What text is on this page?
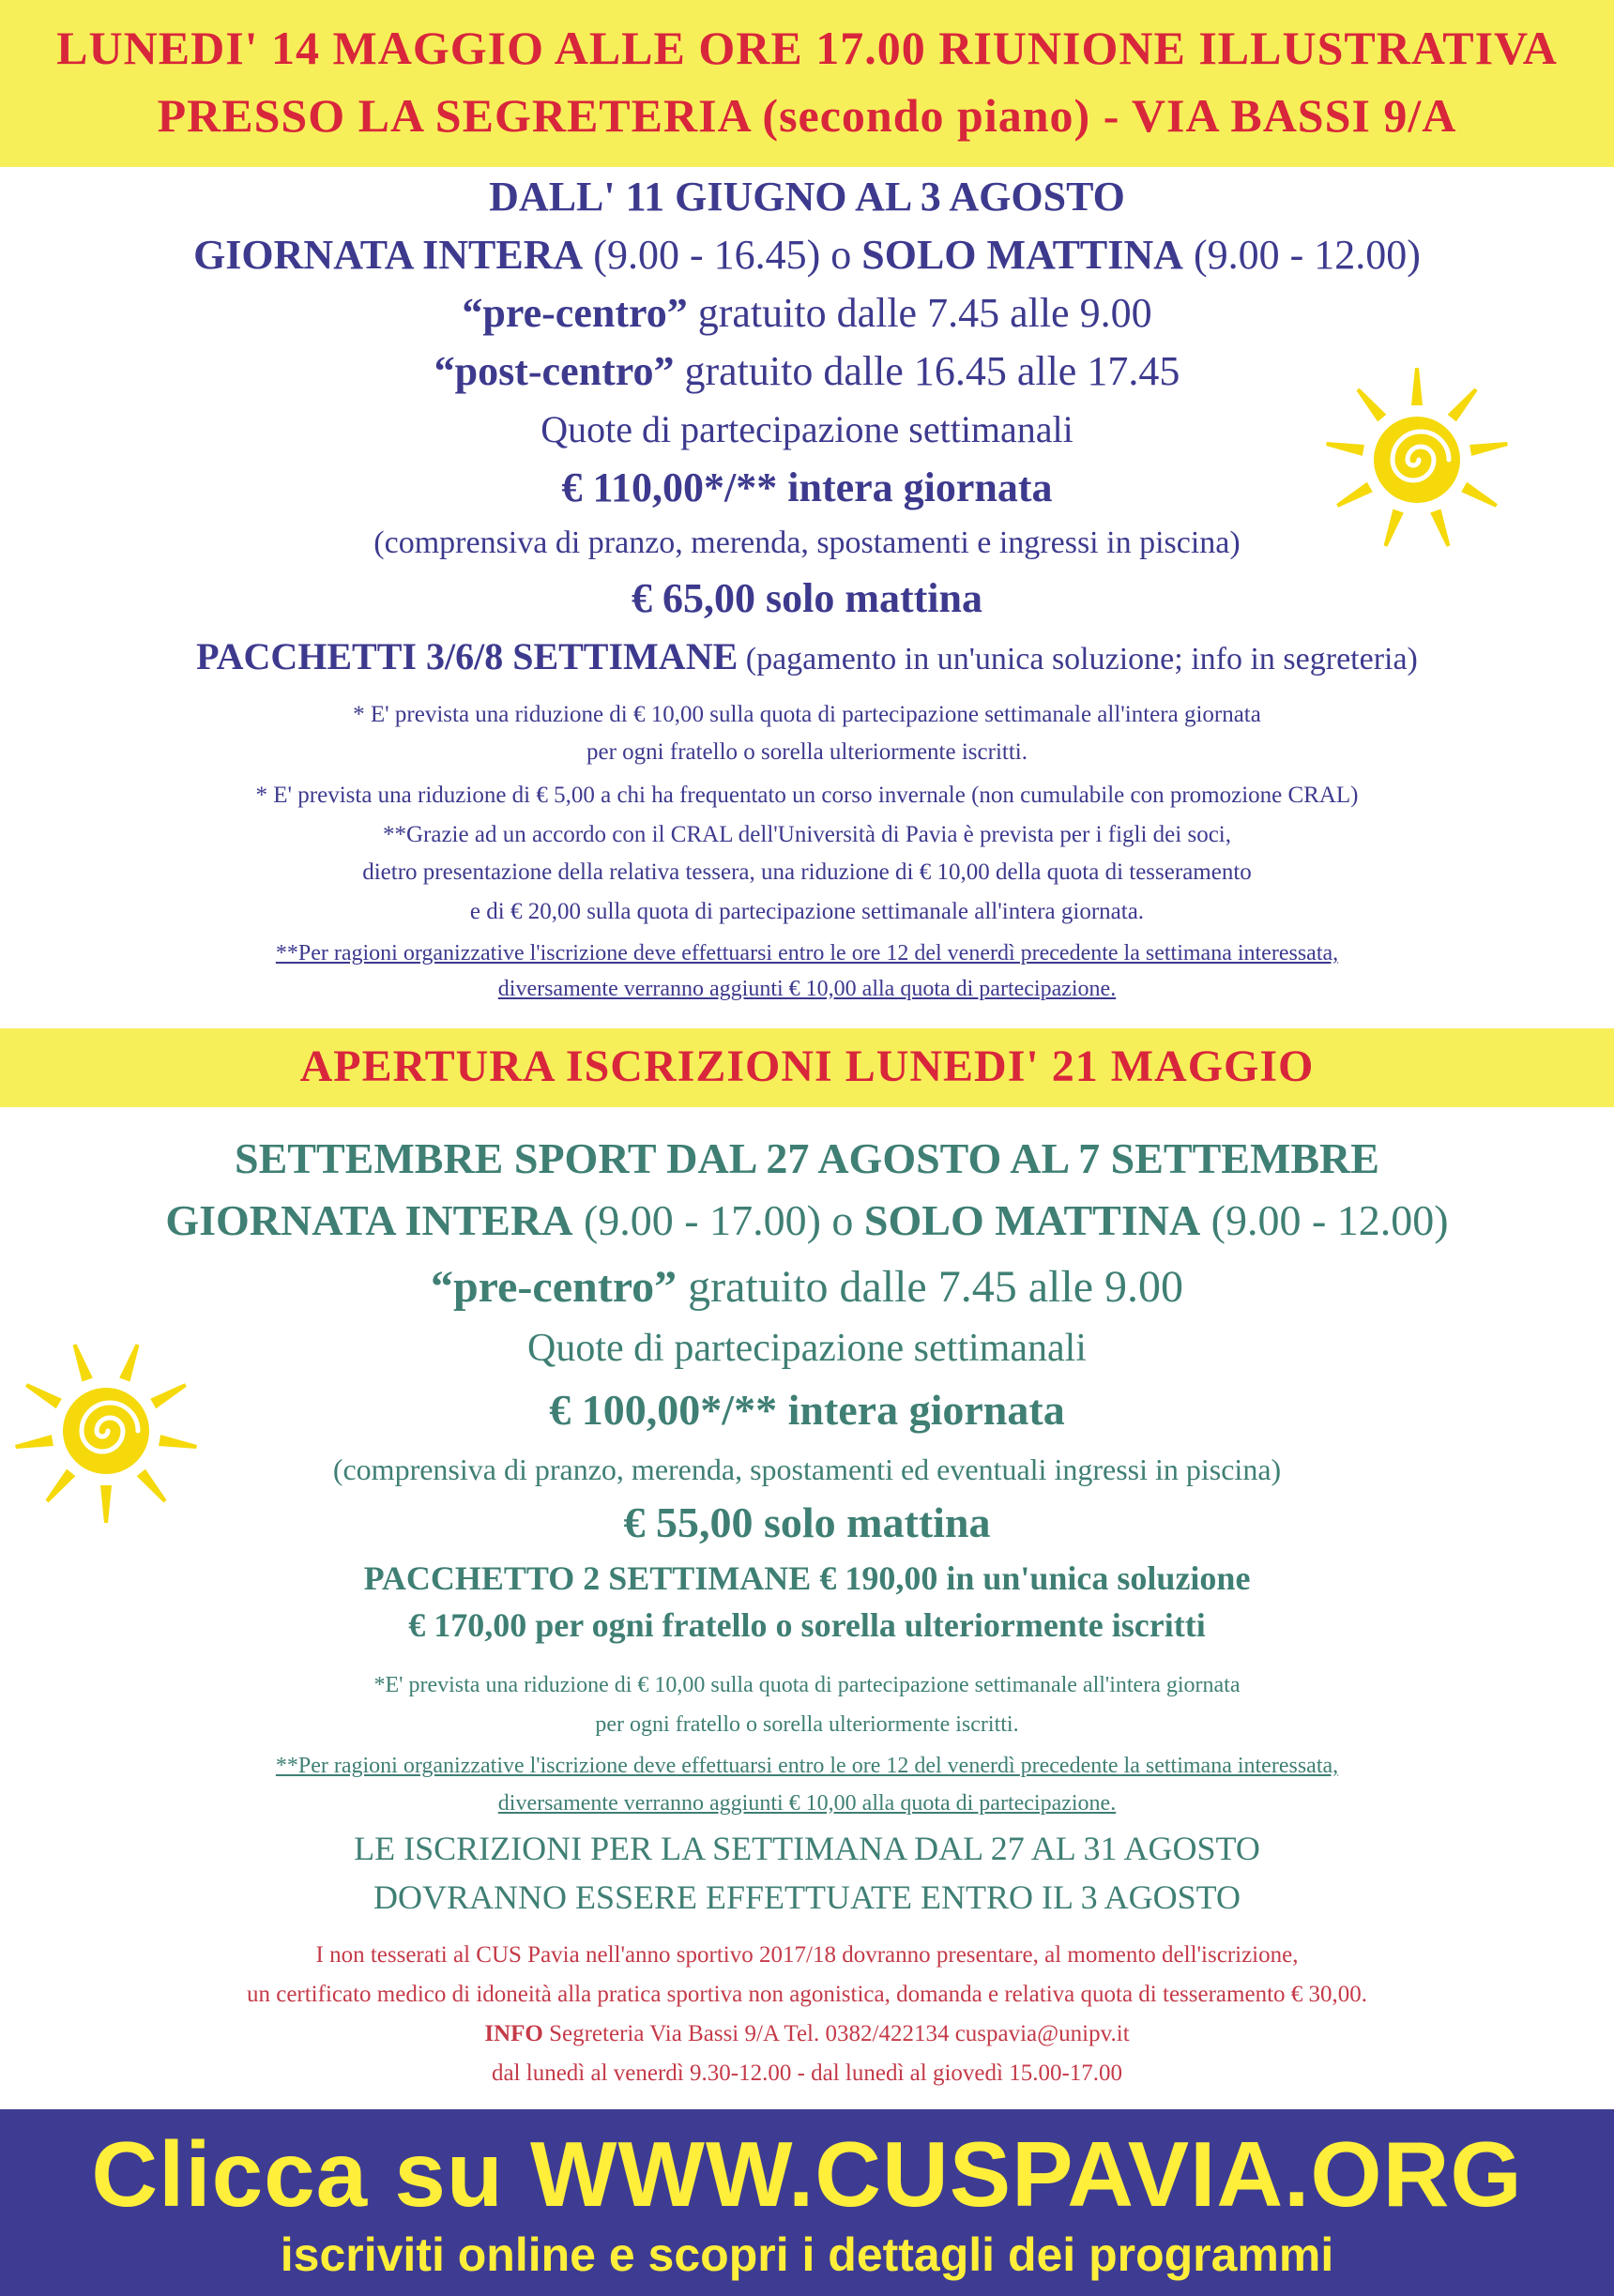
LUNEDI' 14 MAGGIO ALLE ORE 17.00 RIUNIONE ILLUSTRATIVA
PRESSO LA SEGRETERIA (secondo piano) - VIA BASSI 9/A
DALL' 11 GIUGNO AL 3 AGOSTO
GIORNATA INTERA (9.00 - 16.45) o SOLO MATTINA (9.00 - 12.00)
“pre-centro” gratuito dalle 7.45 alle 9.00
“post-centro” gratuito dalle 16.45 alle 17.45
Quote di partecipazione settimanali
€ 110,00*/** intera giornata
(comprensiva di pranzo, merenda, spostamenti e ingressi in piscina)
€ 65,00 solo mattina
PACCHETTI 3/6/8 SETTIMANE (pagamento in un'unica soluzione; info in segreteria)
* E' prevista una riduzione di € 10,00 sulla quota di partecipazione settimanale all'intera giornata
per ogni fratello o sorella ulteriormente iscritti.
* E' prevista una riduzione di € 5,00 a chi ha frequentato un corso invernale (non cumulabile con promozione CRAL)
**Grazie ad un accordo con il CRAL dell'Università di Pavia è prevista per i figli dei soci,
dietro presentazione della relativa tessera, una riduzione di € 10,00 della quota di tesseramento
e di € 20,00 sulla quota di partecipazione settimanale all'intera giornata.
**Per ragioni organizzative l'iscrizione deve effettuarsi entro le ore 12 del venerdì precedente la settimana interessata,
diversamente verranno aggiunti € 10,00 alla quota di partecipazione.
APERTURA ISCRIZIONI LUNEDI' 21 MAGGIO
SETTEMBRE SPORT DAL 27 AGOSTO AL 7 SETTEMBRE
GIORNATA INTERA (9.00 - 17.00) o SOLO MATTINA (9.00 - 12.00)
“pre-centro” gratuito dalle 7.45 alle 9.00
Quote di partecipazione settimanali
€ 100,00*/** intera giornata
(comprensiva di pranzo, merenda, spostamenti ed eventuali ingressi in piscina)
€ 55,00 solo mattina
PACCHETTO 2 SETTIMANE € 190,00 in un'unica soluzione
€ 170,00 per ogni fratello o sorella ulteriormente iscritti
*E' prevista una riduzione di € 10,00 sulla quota di partecipazione settimanale all'intera giornata
per ogni fratello o sorella ulteriormente iscritti.
**Per ragioni organizzative l'iscrizione deve effettuarsi entro le ore 12 del venerdì precedente la settimana interessata,
diversamente verranno aggiunti € 10,00 alla quota di partecipazione.
LE ISCRIZIONI PER LA SETTIMANA DAL 27 AL 31 AGOSTO
DOVRANNO ESSERE EFFETTUATE ENTRO IL 3 AGOSTO
I non tesserati al CUS Pavia nell'anno sportivo 2017/18 dovranno presentare, al momento dell'iscrizione,
un certificato medico di idoneità alla pratica sportiva non agonistica, domanda e relativa quota di tesseramento € 30,00.
INFO Segreteria Via Bassi 9/A Tel. 0382/422134 cuspavia@unipv.it
dal lunedì al venerdì 9.30-12.00 - dal lunedì al giovedì 15.00-17.00
Clicca su WWW.CUSPAVIA.ORG
iscriviti online e scopri i dettagli dei programmi
